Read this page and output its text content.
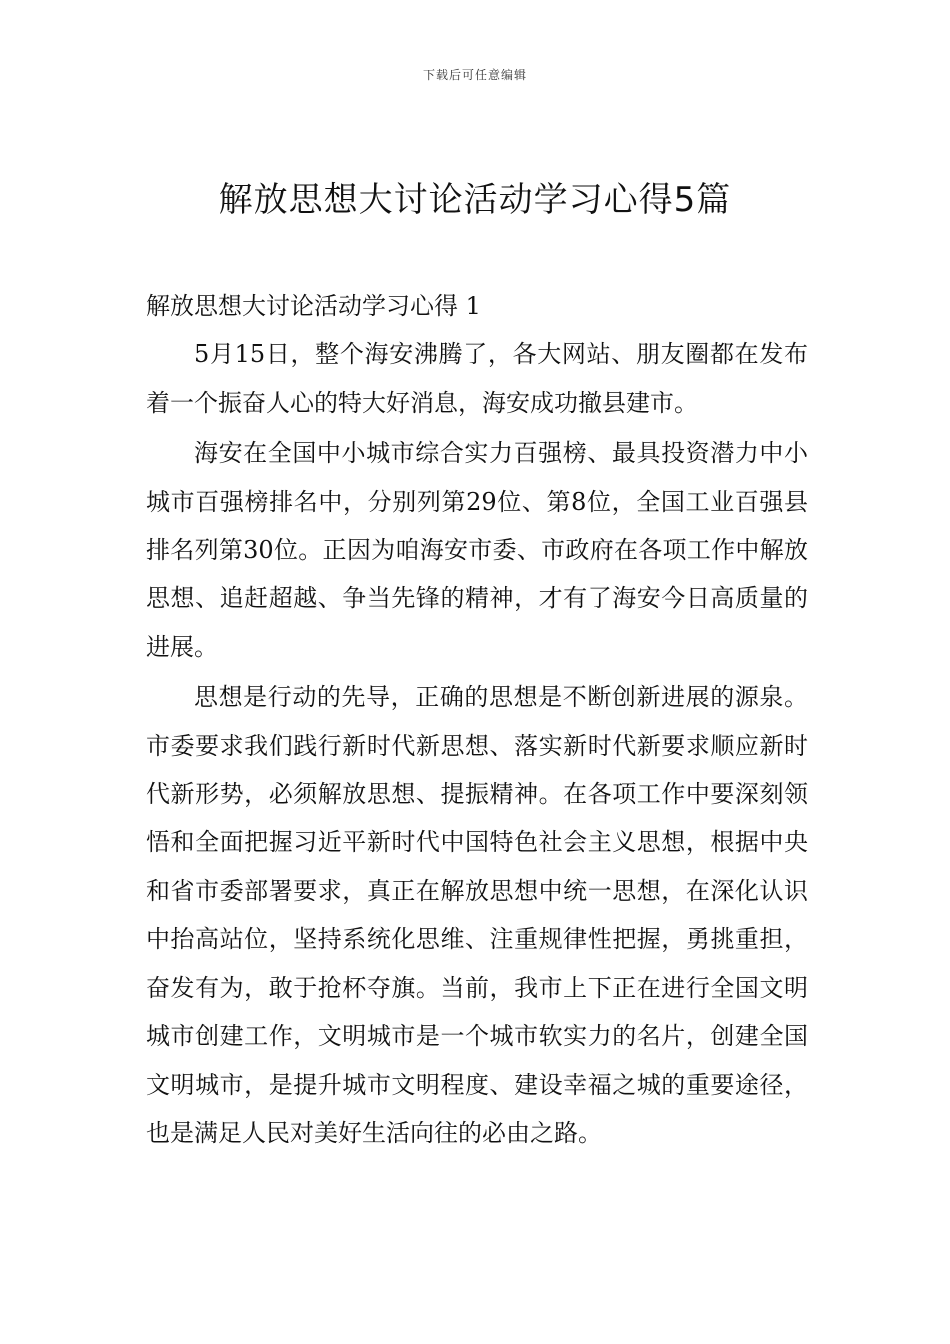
下载后可任意编辑
解放思想大讨论活动学习心得5篇

解放思想大讨论活动学习心得 1

5月15日，整个海安沸腾了，各大网站、朋友圈都在发布着一个振奋人心的特大好消息，海安成功撤县建市。

海安在全国中小城市综合实力百强榜、最具投资潜力中小城市百强榜排名中，分别列第29位、第8位，全国工业百强县排名列第30位。正因为咱海安市委、市政府在各项工作中解放思想、追赶超越、争当先锋的精神，才有了海安今日高质量的进展。

思想是行动的先导，正确的思想是不断创新进展的源泉。市委要求我们践行新时代新思想、落实新时代新要求顺应新时代新形势，必须解放思想、提振精神。在各项工作中要深刻领悟和全面把握习近平新时代中国特色社会主义思想，根据中央和省市委部署要求，真正在解放思想中统一思想，在深化认识中抬高站位，坚持系统化思维、注重规律性把握，勇挑重担，奋发有为，敢于抢杯夺旗。当前，我市上下正在进行全国文明城市创建工作，文明城市是一个城市软实力的名片，创建全国文明城市，是提升城市文明程度、建设幸福之城的重要途径，也是满足人民对美好生活向往的必由之路。
